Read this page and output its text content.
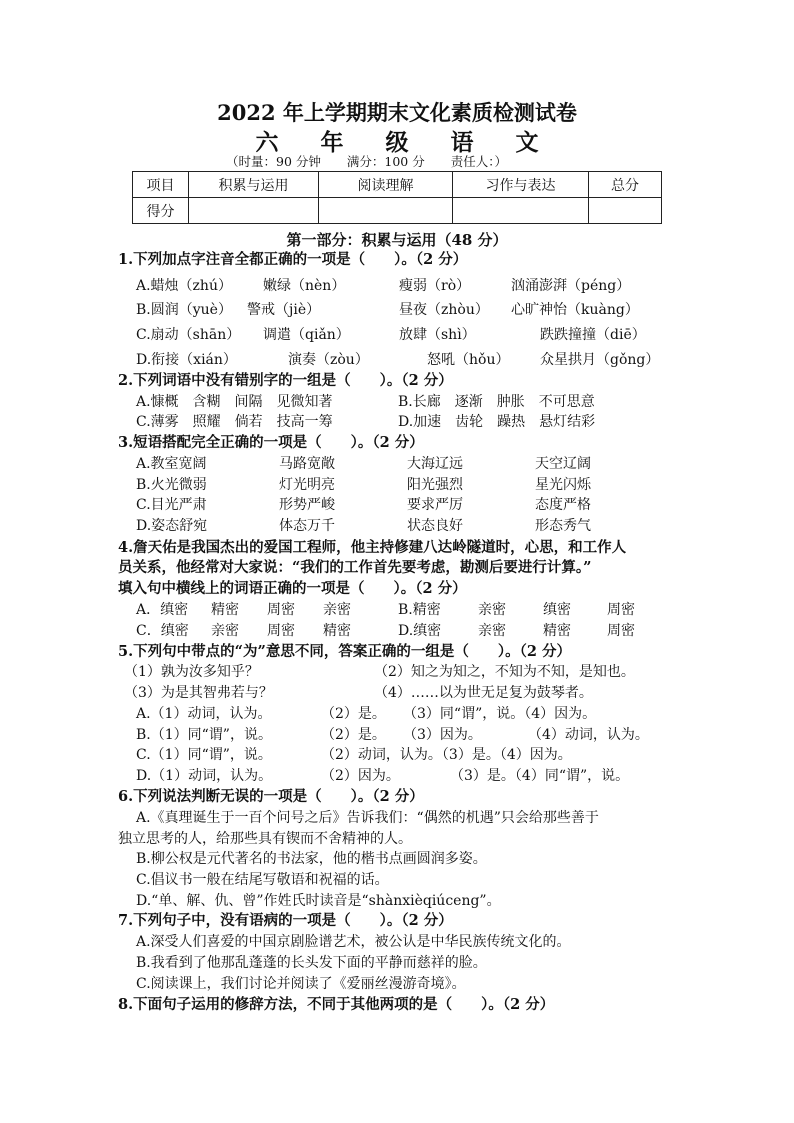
2022 年上学期期末文化素质检测试卷
六 年 级 语 文
（时量：90 分钟 满分：100 分 责任人：）
项目	积累与运用	阅读理解	习作与表达	总分
得分				
第一部分：积累与运用（48 分）
1.下列加点字注音全都正确的一项是（　　）。（2 分）
A.蜡烛（zhú） 嫩绿（nèn）	瘦弱（rò）	汹涌澎湃（péng）
B.圆润（yuè） 警戒（jiè）	昼夜（zhòu） 心旷神怡（kuàng）
C.扇动（shān） 调遣（qiǎn）	放肆（shì）	跌跌撞撞（diē）
D.衔接（xián）	演奏（zòu）	怒吼（hǒu） 众星拱月（gǒng）
2.下列词语中没有错别字的一组是（　　）。（2 分）
A.慷概　含糊　间隔　见微知著	B.长廊　逐渐　肿胀　不可思意
C.薄雾　照耀　倘若　技高一筹	D.加速　齿轮　躁热　悬灯结彩
3.短语搭配完全正确的一项是（　　）。（2 分）
A.教室宽阔	马路宽敞	大海辽远	天空辽阔
B.火光微弱	灯光明亮	阳光强烈	星光闪烁
C.目光严肃	形势严峻	要求严厉	态度严格
D.姿态舒宛	体态万千	状态良好	形态秀气
4.詹天佑是我国杰出的爱国工程师，他主持修建八达岭隧道时，心思，和工作人
员关系，他经常对大家说：“我们的工作首先要考虑，勘测后要进行计算。”
填入句中横线上的词语正确的一项是（　　）。（2 分）
A．缜密 精密 周密 亲密	B.精密	亲密	缜密	周密
C．缜密 亲密 周密 精密	D.缜密	亲密	精密	周密
5.下列句中带点的“为”意思不同，答案正确的一组是（　　）。（2 分）
（1）孰为汝多知乎？	（2）知之为知之，不知为不知，是知也。
（3）为是其智弗若与？	（4）……以为世无足复为鼓琴者。
A.（1）动词，认为。	（2）是。 （3）同“谓”，说。（4）因为。
B.（1）同“谓”，说。	（2）是。 （3）因为。	（4）动词，认为。
C.（1）同“谓”，说。	（2）动词，认为。（3）是。（4）因为。
D.（1）动词，认为。	（2）因为。	（3）是。（4）同“谓”，说。
6.下列说法判断无误的一项是（　　）。（2 分）
A.《真理诞生于一百个问号之后》告诉我们：“偶然的机遇”只会给那些善于
独立思考的人，给那些具有锲而不舍精神的人。
B.柳公权是元代著名的书法家，他的楷书点画圆润多姿。
C.倡议书一般在结尾写敬语和祝福的话。
D.“单、解、仇、曾”作姓氏时读音是“shànxièqiúceng”。
7.下列句子中，没有语病的一项是（　　）。（2 分）
A.深受人们喜爱的中国京剧脸谱艺术，被公认是中华民族传统文化的。
B.我看到了他那乱蓬蓬的长头发下面的平静而慈祥的脸。
C.阅读课上，我们讨论并阅读了《爱丽丝漫游奇境》。
8.下面句子运用的修辞方法，不同于其他两项的是（　　）。（2 分）
